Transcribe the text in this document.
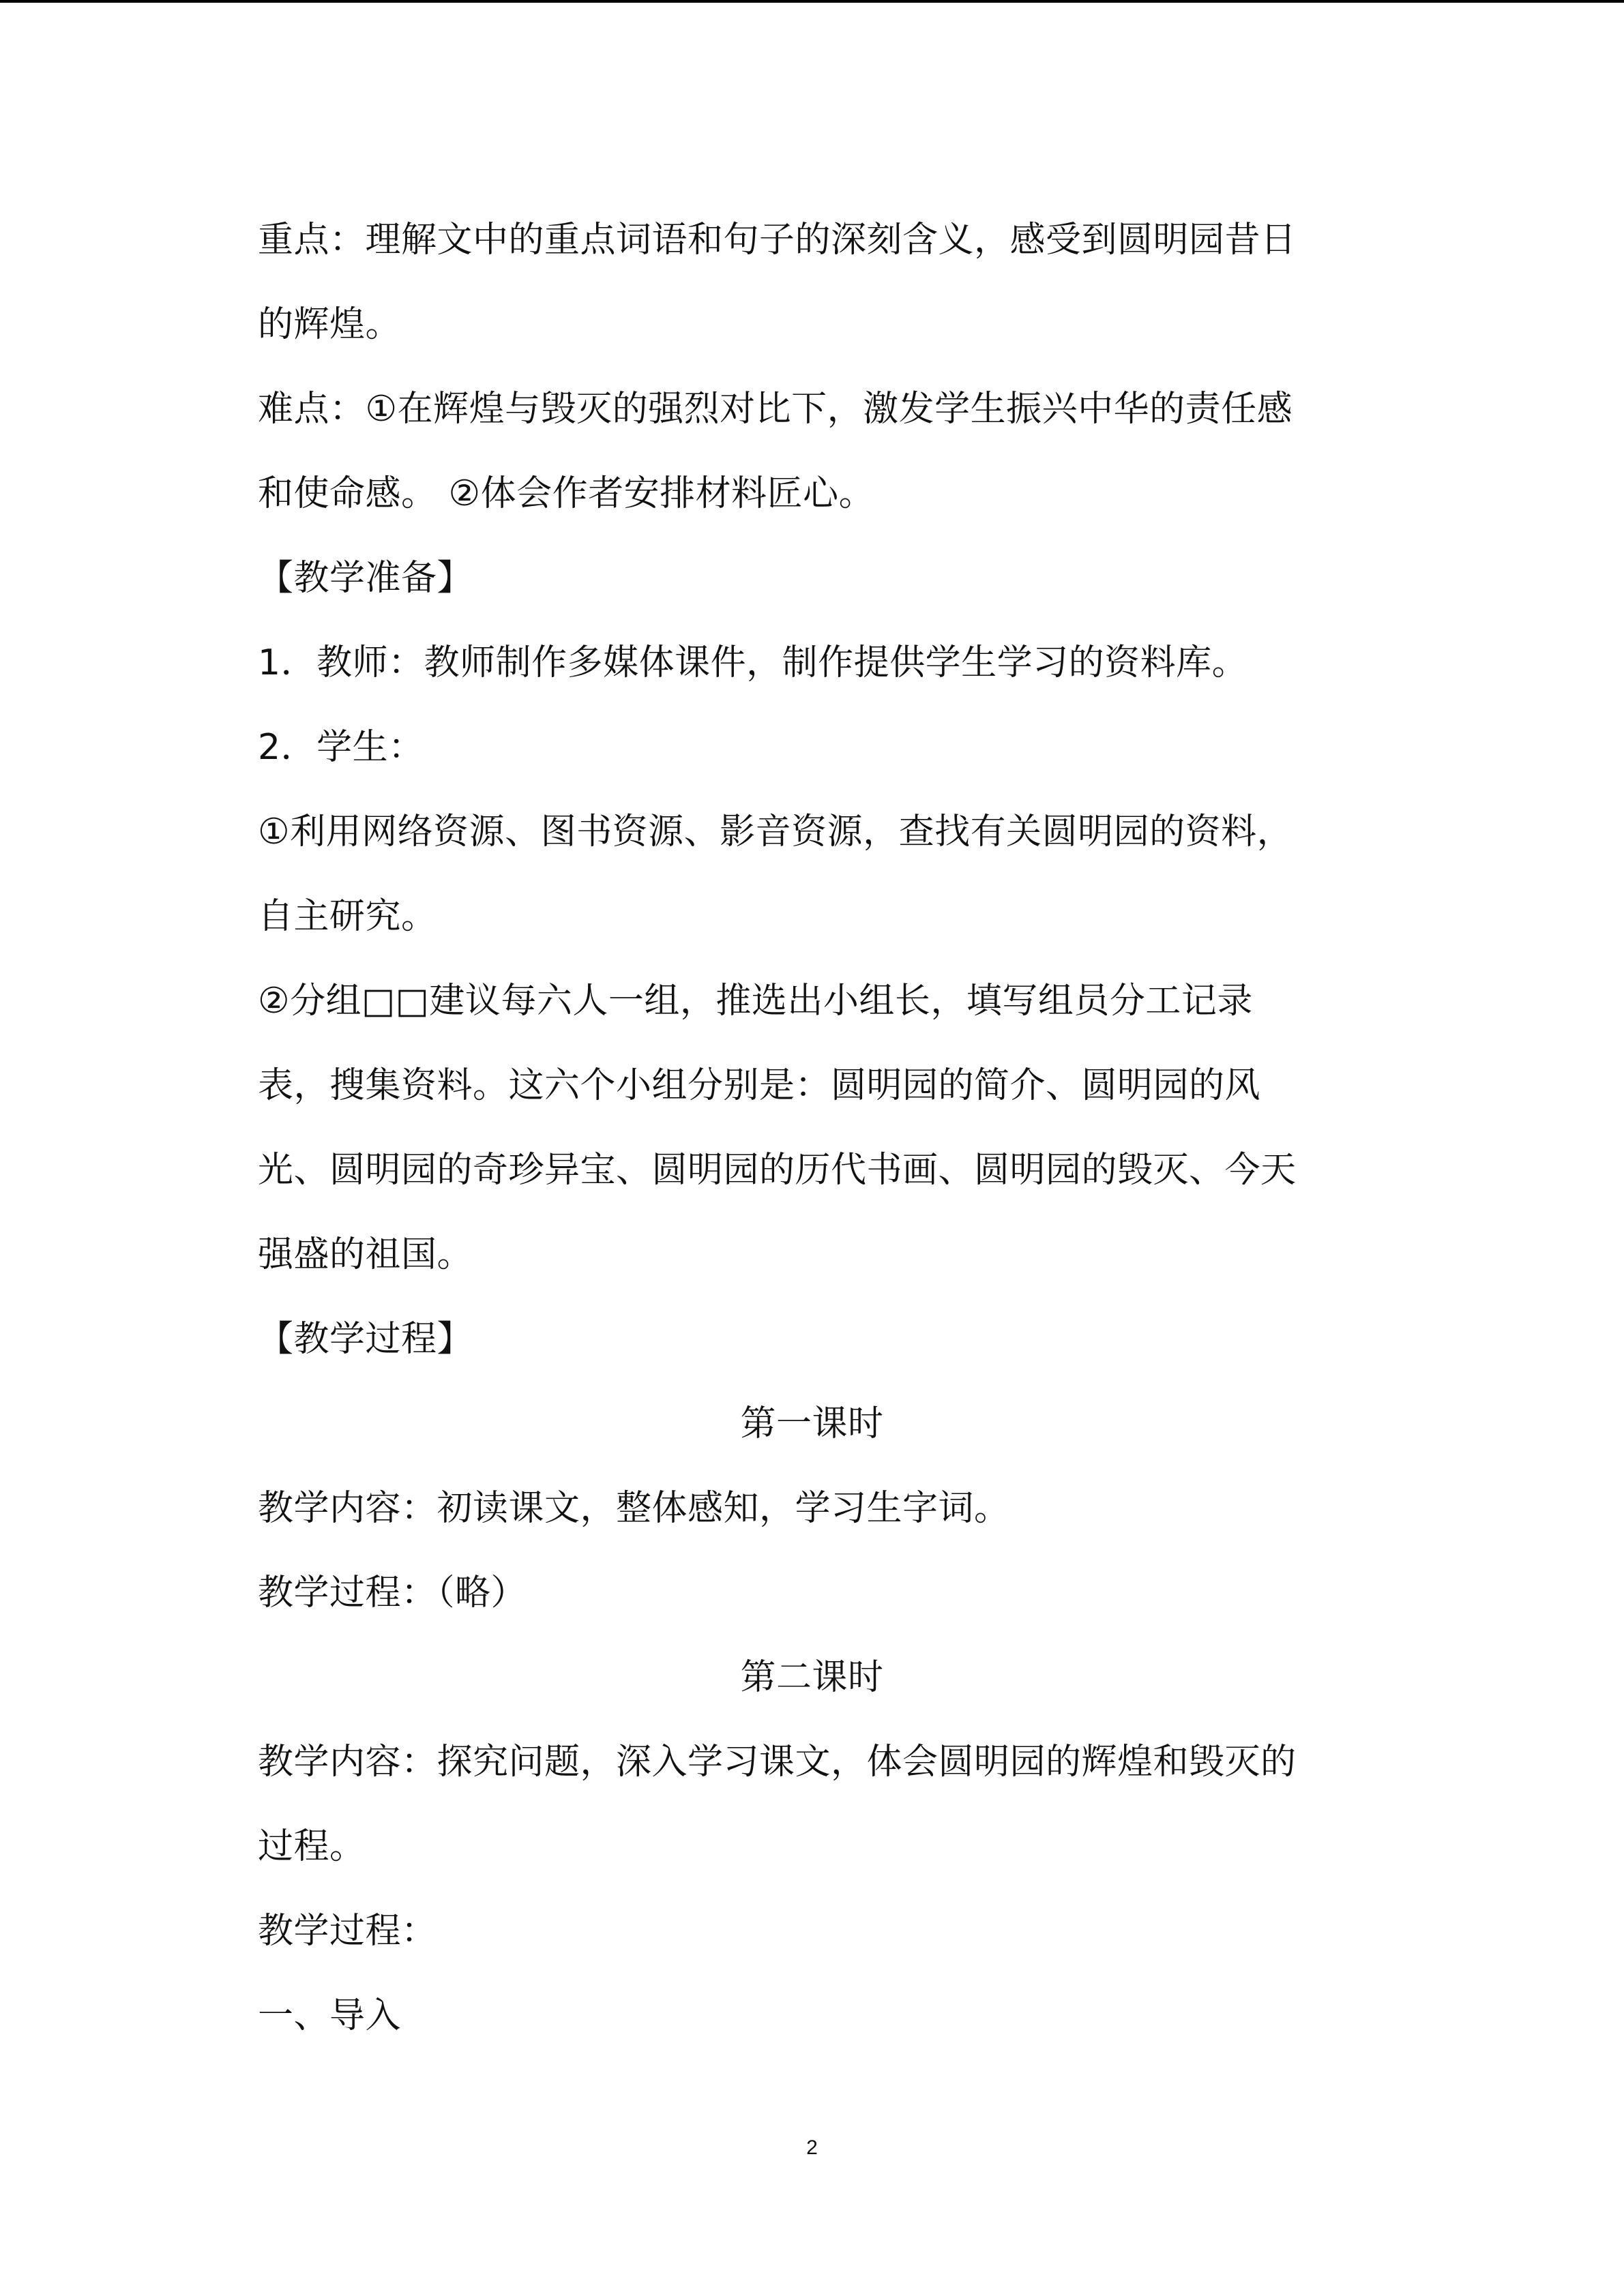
重点：理解文中的重点词语和句子的深刻含义，感受到圆明园昔日
的辉煌。
难点：①在辉煌与毁灭的强烈对比下，激发学生振兴中华的责任感
和使命感。 ②体会作者安排材料匠心。
【教学准备】
1．教师：教师制作多媒体课件，制作提供学生学习的资料库。
2．学生：
①利用网络资源、图书资源、影音资源，查找有关圆明园的资料，
自主研究。
②分组□□建议每六人一组，推选出小组长，填写组员分工记录
表，搜集资料。这六个小组分别是：圆明园的简介、圆明园的风
光、圆明园的奇珍异宝、圆明园的历代书画、圆明园的毁灭、今天
强盛的祖国。
【教学过程】
第一课时
教学内容：初读课文，整体感知，学习生字词。
教学过程：（略）
第二课时
教学内容：探究问题，深入学习课文，体会圆明园的辉煌和毁灭的
过程。
教学过程：
一、导入
2
